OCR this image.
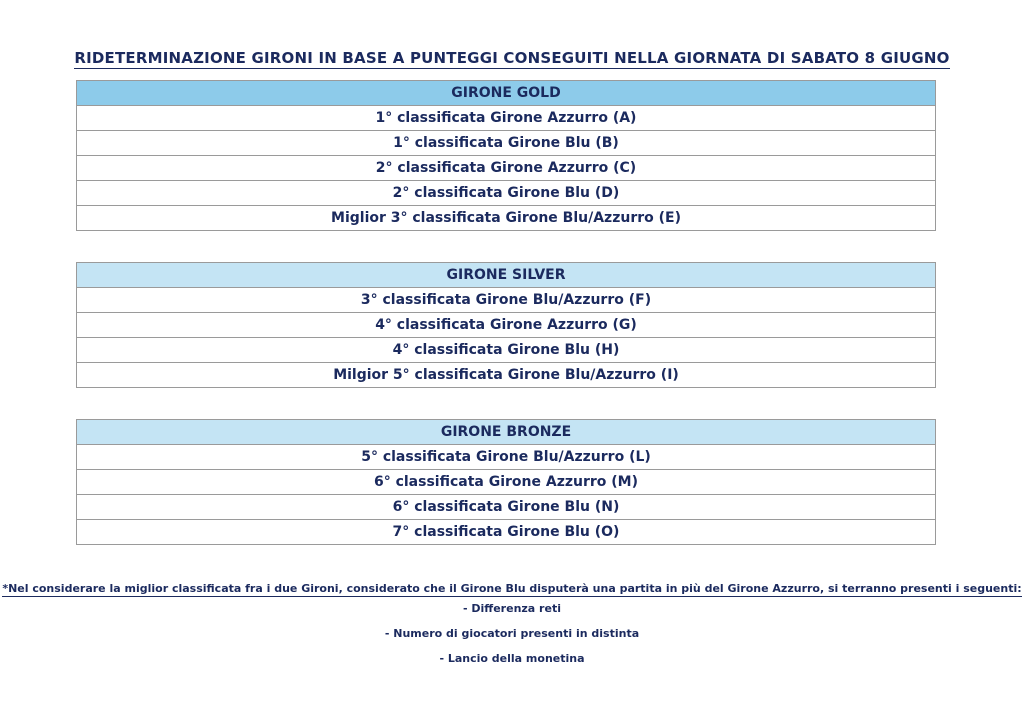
RIDETERMINAZIONE GIRONI IN BASE A PUNTEGGI CONSEGUITI NELLA GIORNATA DI SABATO 8 GIUGNO
GIRONE GOLD
1° classificata Girone Azzurro (A)
1° classificata Girone Blu (B)
2° classificata Girone Azzurro (C)
2° classificata Girone Blu (D)
Miglior 3° classificata Girone Blu/Azzurro (E)
GIRONE SILVER
3° classificata Girone Blu/Azzurro (F)
4° classificata Girone Azzurro (G)
4° classificata Girone Blu (H)
Milgior 5° classificata Girone Blu/Azzurro (I)
GIRONE BRONZE
5° classificata Girone Blu/Azzurro (L)
6° classificata Girone Azzurro (M)
6° classificata Girone Blu (N)
7° classificata Girone Blu (O)
*Nel considerare la miglior classificata fra i due Gironi, considerato che il Girone Blu disputerà una partita in più del Girone Azzurro, si terranno presenti i seguenti:
- Differenza reti
- Numero di giocatori presenti in distinta
- Lancio della monetina
